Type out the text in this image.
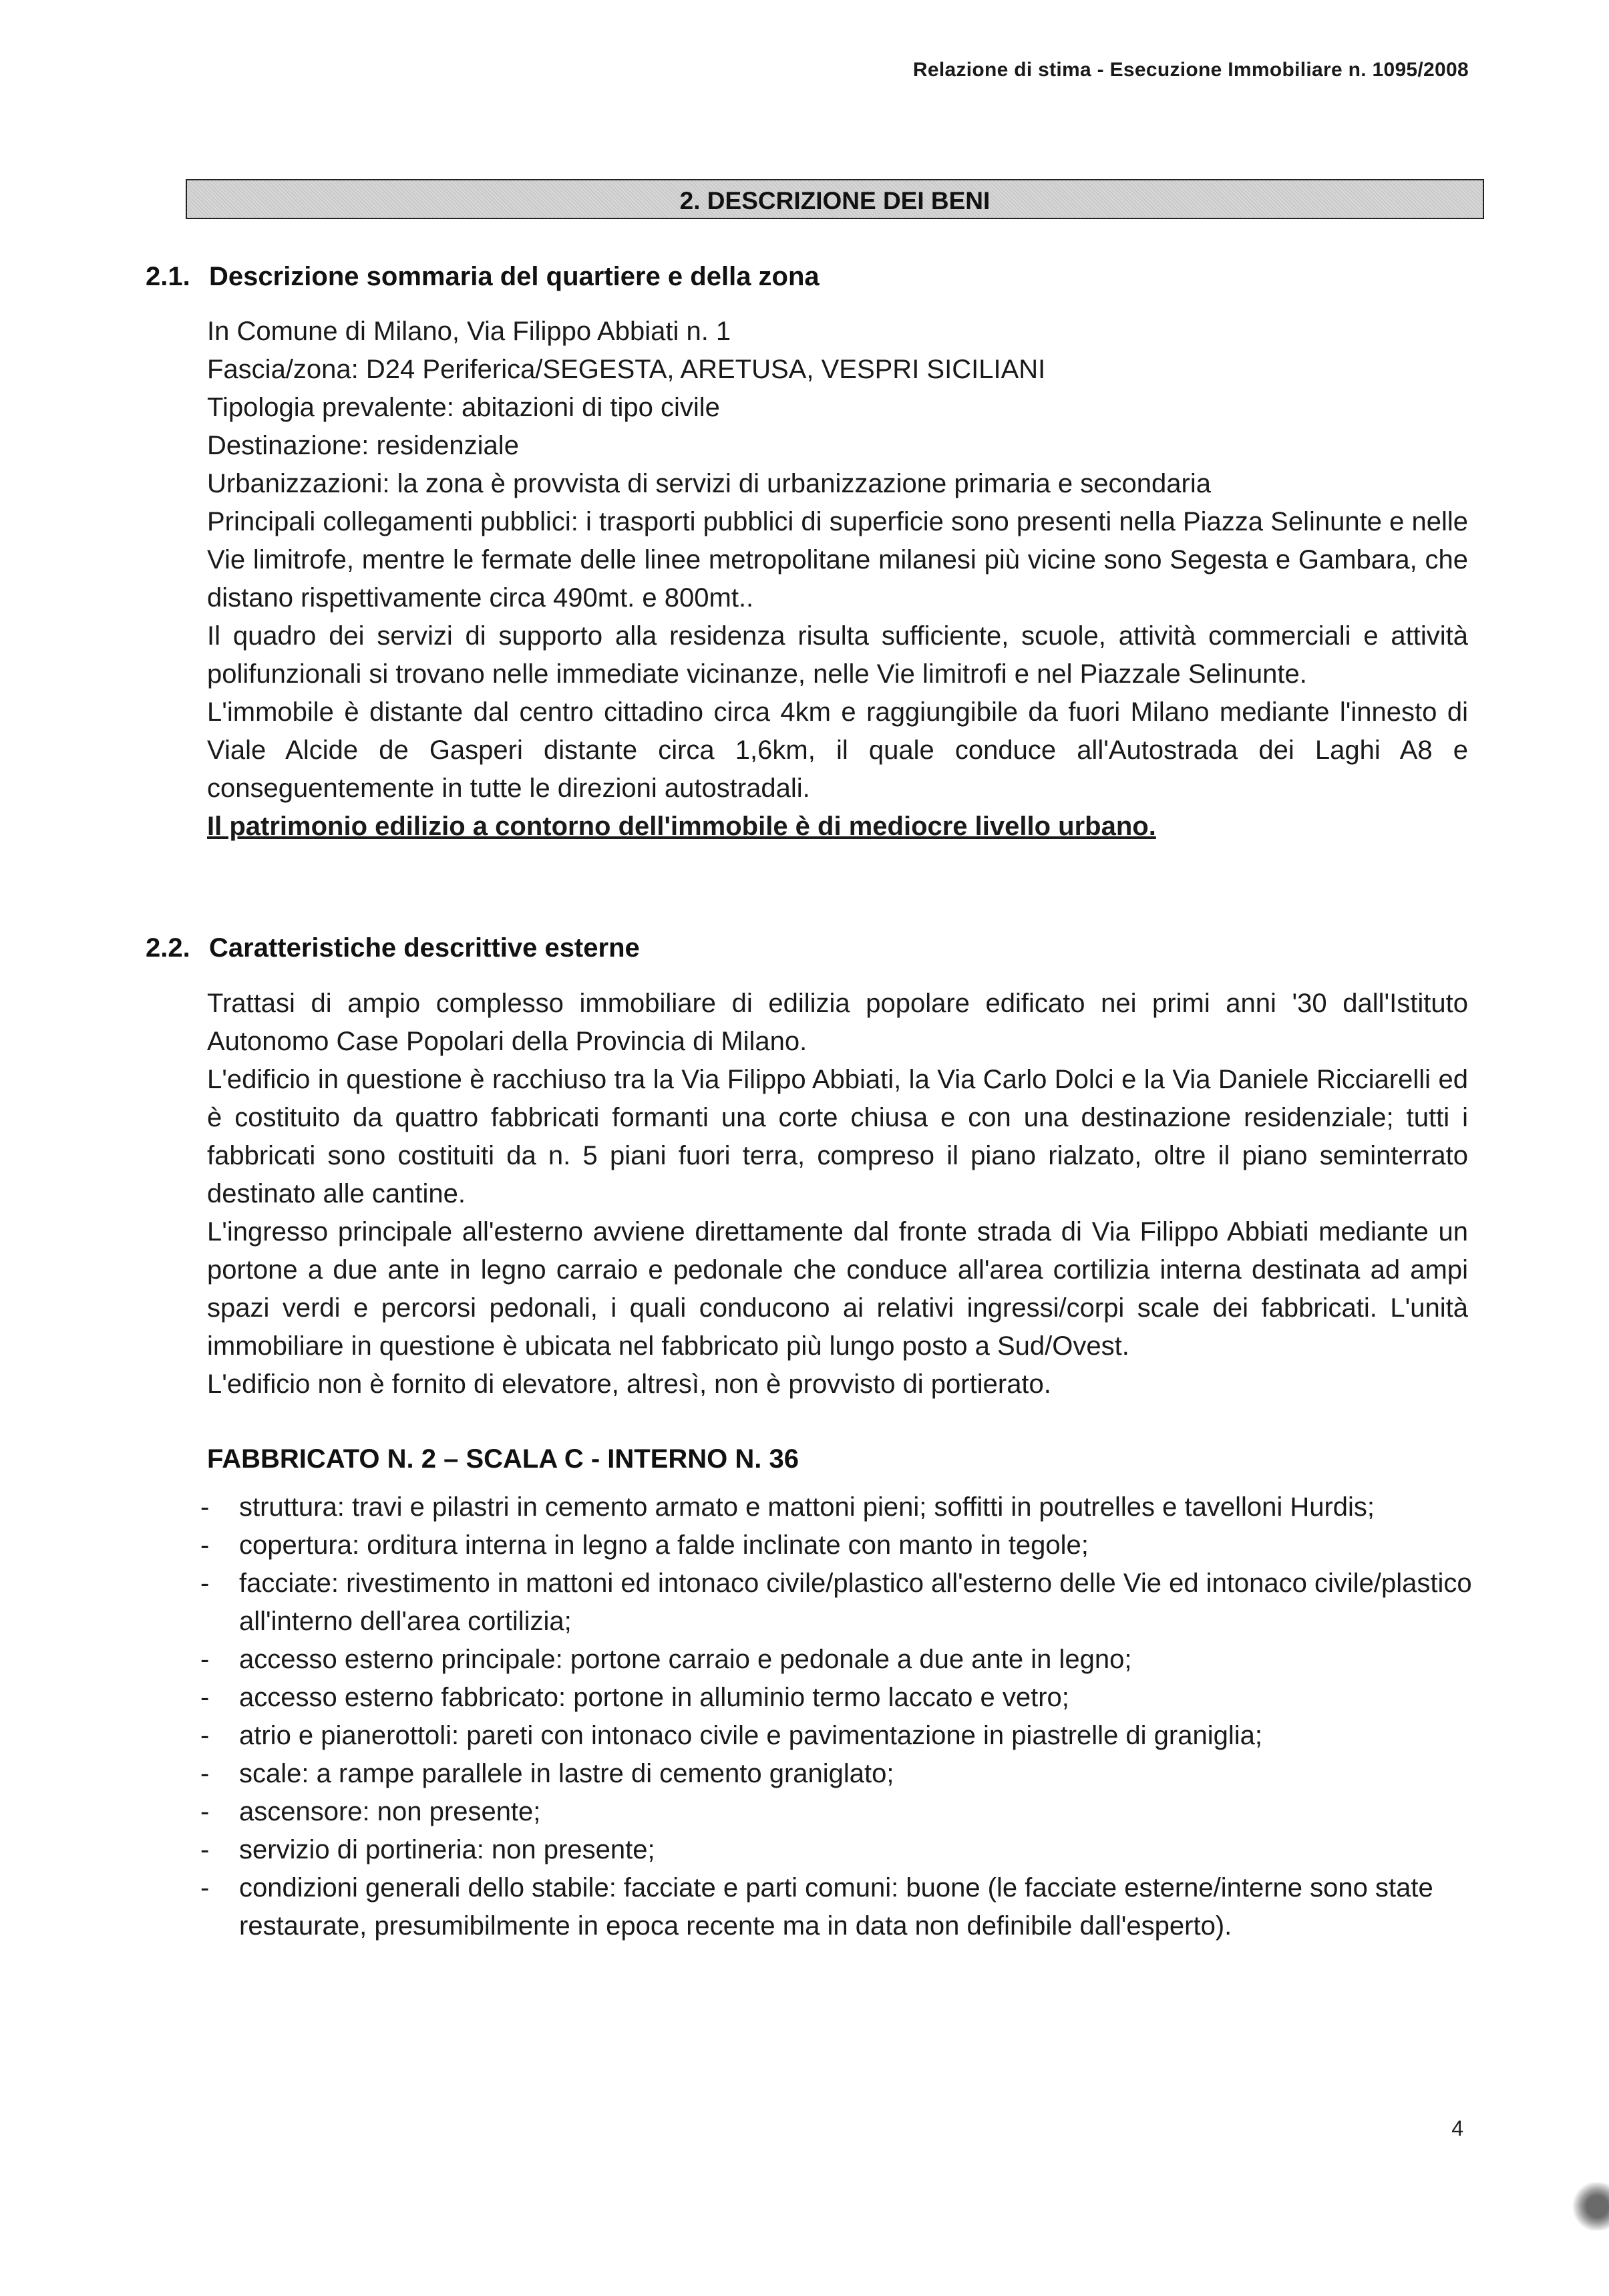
Relazione di stima - Esecuzione Immobiliare n. 1095/2008
2. DESCRIZIONE DEI BENI
2.1. Descrizione sommaria del quartiere e della zona

In Comune di Milano, Via Filippo Abbiati n. 1

Fascia/zona: D24 Periferica/SEGESTA, ARETUSA, VESPRI SICILIANI

Tipologia prevalente: abitazioni di tipo civile

Destinazione: residenziale

Urbanizzazioni: la zona è provvista di servizi di urbanizzazione primaria e secondaria

Principali collegamenti pubblici: i trasporti pubblici di superficie sono presenti nella Piazza Selinunte e nelle Vie limitrofe, mentre le fermate delle linee metropolitane milanesi più vicine sono Segesta e Gambara, che distano rispettivamente circa 490mt. e 800mt..

Il quadro dei servizi di supporto alla residenza risulta sufficiente, scuole, attività commerciali e attività polifunzionali si trovano nelle immediate vicinanze, nelle Vie limitrofi e nel Piazzale Selinunte.

L'immobile è distante dal centro cittadino circa 4km e raggiungibile da fuori Milano mediante l'innesto di Viale Alcide de Gasperi distante circa 1,6km, il quale conduce all'Autostrada dei Laghi A8 e conseguentemente in tutte le direzioni autostradali.

Il patrimonio edilizio a contorno dell'immobile è di mediocre livello urbano.

2.2. Caratteristiche descrittive esterne

Trattasi di ampio complesso immobiliare di edilizia popolare edificato nei primi anni '30 dall'Istituto Autonomo Case Popolari della Provincia di Milano.

L'edificio in questione è racchiuso tra la Via Filippo Abbiati, la Via Carlo Dolci e la Via Daniele Ricciarelli ed è costituito da quattro fabbricati formanti una corte chiusa e con una destinazione residenziale; tutti i fabbricati sono costituiti da n. 5 piani fuori terra, compreso il piano rialzato, oltre il piano seminterrato destinato alle cantine.

L'ingresso principale all'esterno avviene direttamente dal fronte strada di Via Filippo Abbiati mediante un portone a due ante in legno carraio e pedonale che conduce all'area cortilizia interna destinata ad ampi spazi verdi e percorsi pedonali, i quali conducono ai relativi ingressi/corpi scale dei fabbricati. L'unità immobiliare in questione è ubicata nel fabbricato più lungo posto a Sud/Ovest.

L'edificio non è fornito di elevatore, altresì, non è provvisto di portierato.

FABBRICATO N. 2 – SCALA C - INTERNO N. 36
- struttura: travi e pilastri in cemento armato e mattoni pieni; soffitti in poutrelles e tavelloni Hurdis;
- copertura: orditura interna in legno a falde inclinate con manto in tegole;
- facciate: rivestimento in mattoni ed intonaco civile/plastico all'esterno delle Vie ed intonaco civile/plastico all'interno dell'area cortilizia;
- accesso esterno principale: portone carraio e pedonale a due ante in legno;
- accesso esterno fabbricato: portone in alluminio termo laccato e vetro;
- atrio e pianerottoli: pareti con intonaco civile e pavimentazione in piastrelle di graniglia;
- scale: a rampe parallele in lastre di cemento graniglato;
- ascensore: non presente;
- servizio di portineria: non presente;
- condizioni generali dello stabile: facciate e parti comuni: buone (le facciate esterne/interne sono state restaurate, presumibilmente in epoca recente ma in data non definibile dall'esperto).
4
